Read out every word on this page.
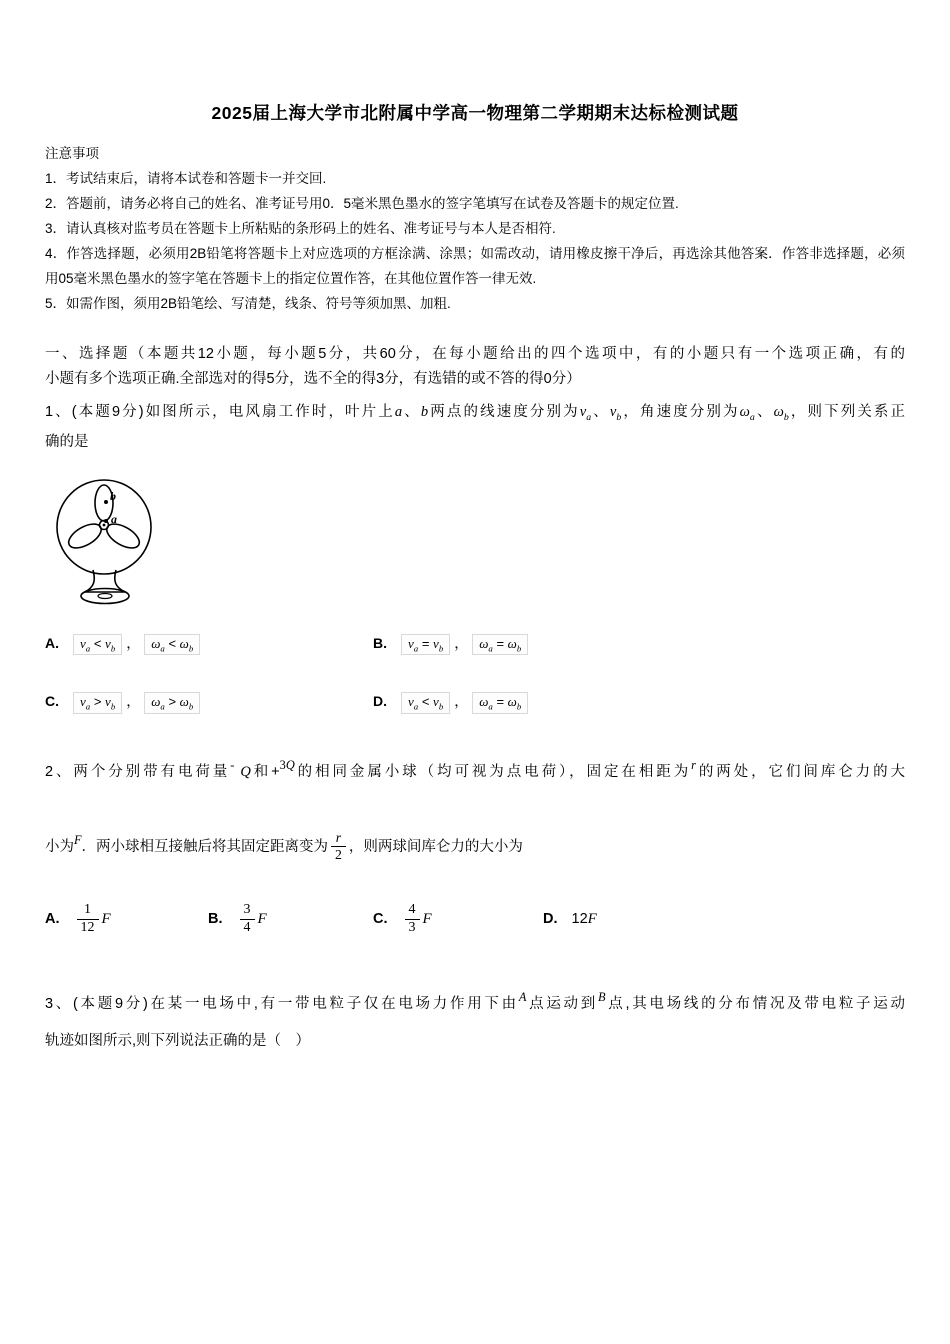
2025届上海大学市北附属中学高一物理第二学期期末达标检测试题
注意事项
1．考试结束后，请将本试卷和答题卡一并交回.
2．答题前，请务必将自己的姓名、准考证号用0．5毫米黑色墨水的签字笔填写在试卷及答题卡的规定位置.
3．请认真核对监考员在答题卡上所粘贴的条形码上的姓名、准考证号与本人是否相符.
4．作答选择题，必须用2B铅笔将答题卡上对应选项的方框涂满、涂黑；如需改动，请用橡皮擦干净后，再选涂其他答案．作答非选择题，必须用05毫米黑色墨水的签字笔在答题卡上的指定位置作答，在其他位置作答一律无效.
5．如需作图，须用2B铅笔绘、写清楚，线条、符号等须加黑、加粗.
一、选择题（本题共12小题，每小题5分，共60分，在每小题给出的四个选项中，有的小题只有一个选项正确，有的
小题有多个选项正确.全部选对的得5分，选不全的得3分，有选错的或不答的得0分）
1、(本题9分)如图所示，电风扇工作时，叶片上a、b两点的线速度分别为$v_a$、$v_b$，角速度分别为$\omega_a$、$\omega_b$，则下列关系正
确的是
b
a
A. $v_a < v_b$ ， $\omega_a < \omega_b$	B. $v_a = v_b$ ， $\omega_a = \omega_b$
C. $v_a > v_b$ ， $\omega_a > \omega_b$	D. $v_a < v_b$ ， $\omega_a = \omega_b$
2、两个分别带有电荷量- Q和+$^{3Q}$的相同金属小球（均可视为点电荷），固定在相距为$^r$的两处，它们间库仑力的大
小为$^F$．两小球相互接触后将其固定距离变为 $\frac{r}{2}$ ，则两球间库仑力的大小为
A. $\frac{1}{12}$ F	B. $\frac{3}{4}$ F	C. $\frac{4}{3}$ F	D. 12F
3、(本题9分)在某一电场中,有一带电粒子仅在电场力作用下由$^A$点运动到$^B$点,其电场线的分布情况及带电粒子运动
轨迹如图所示,则下列说法正确的是（　）
